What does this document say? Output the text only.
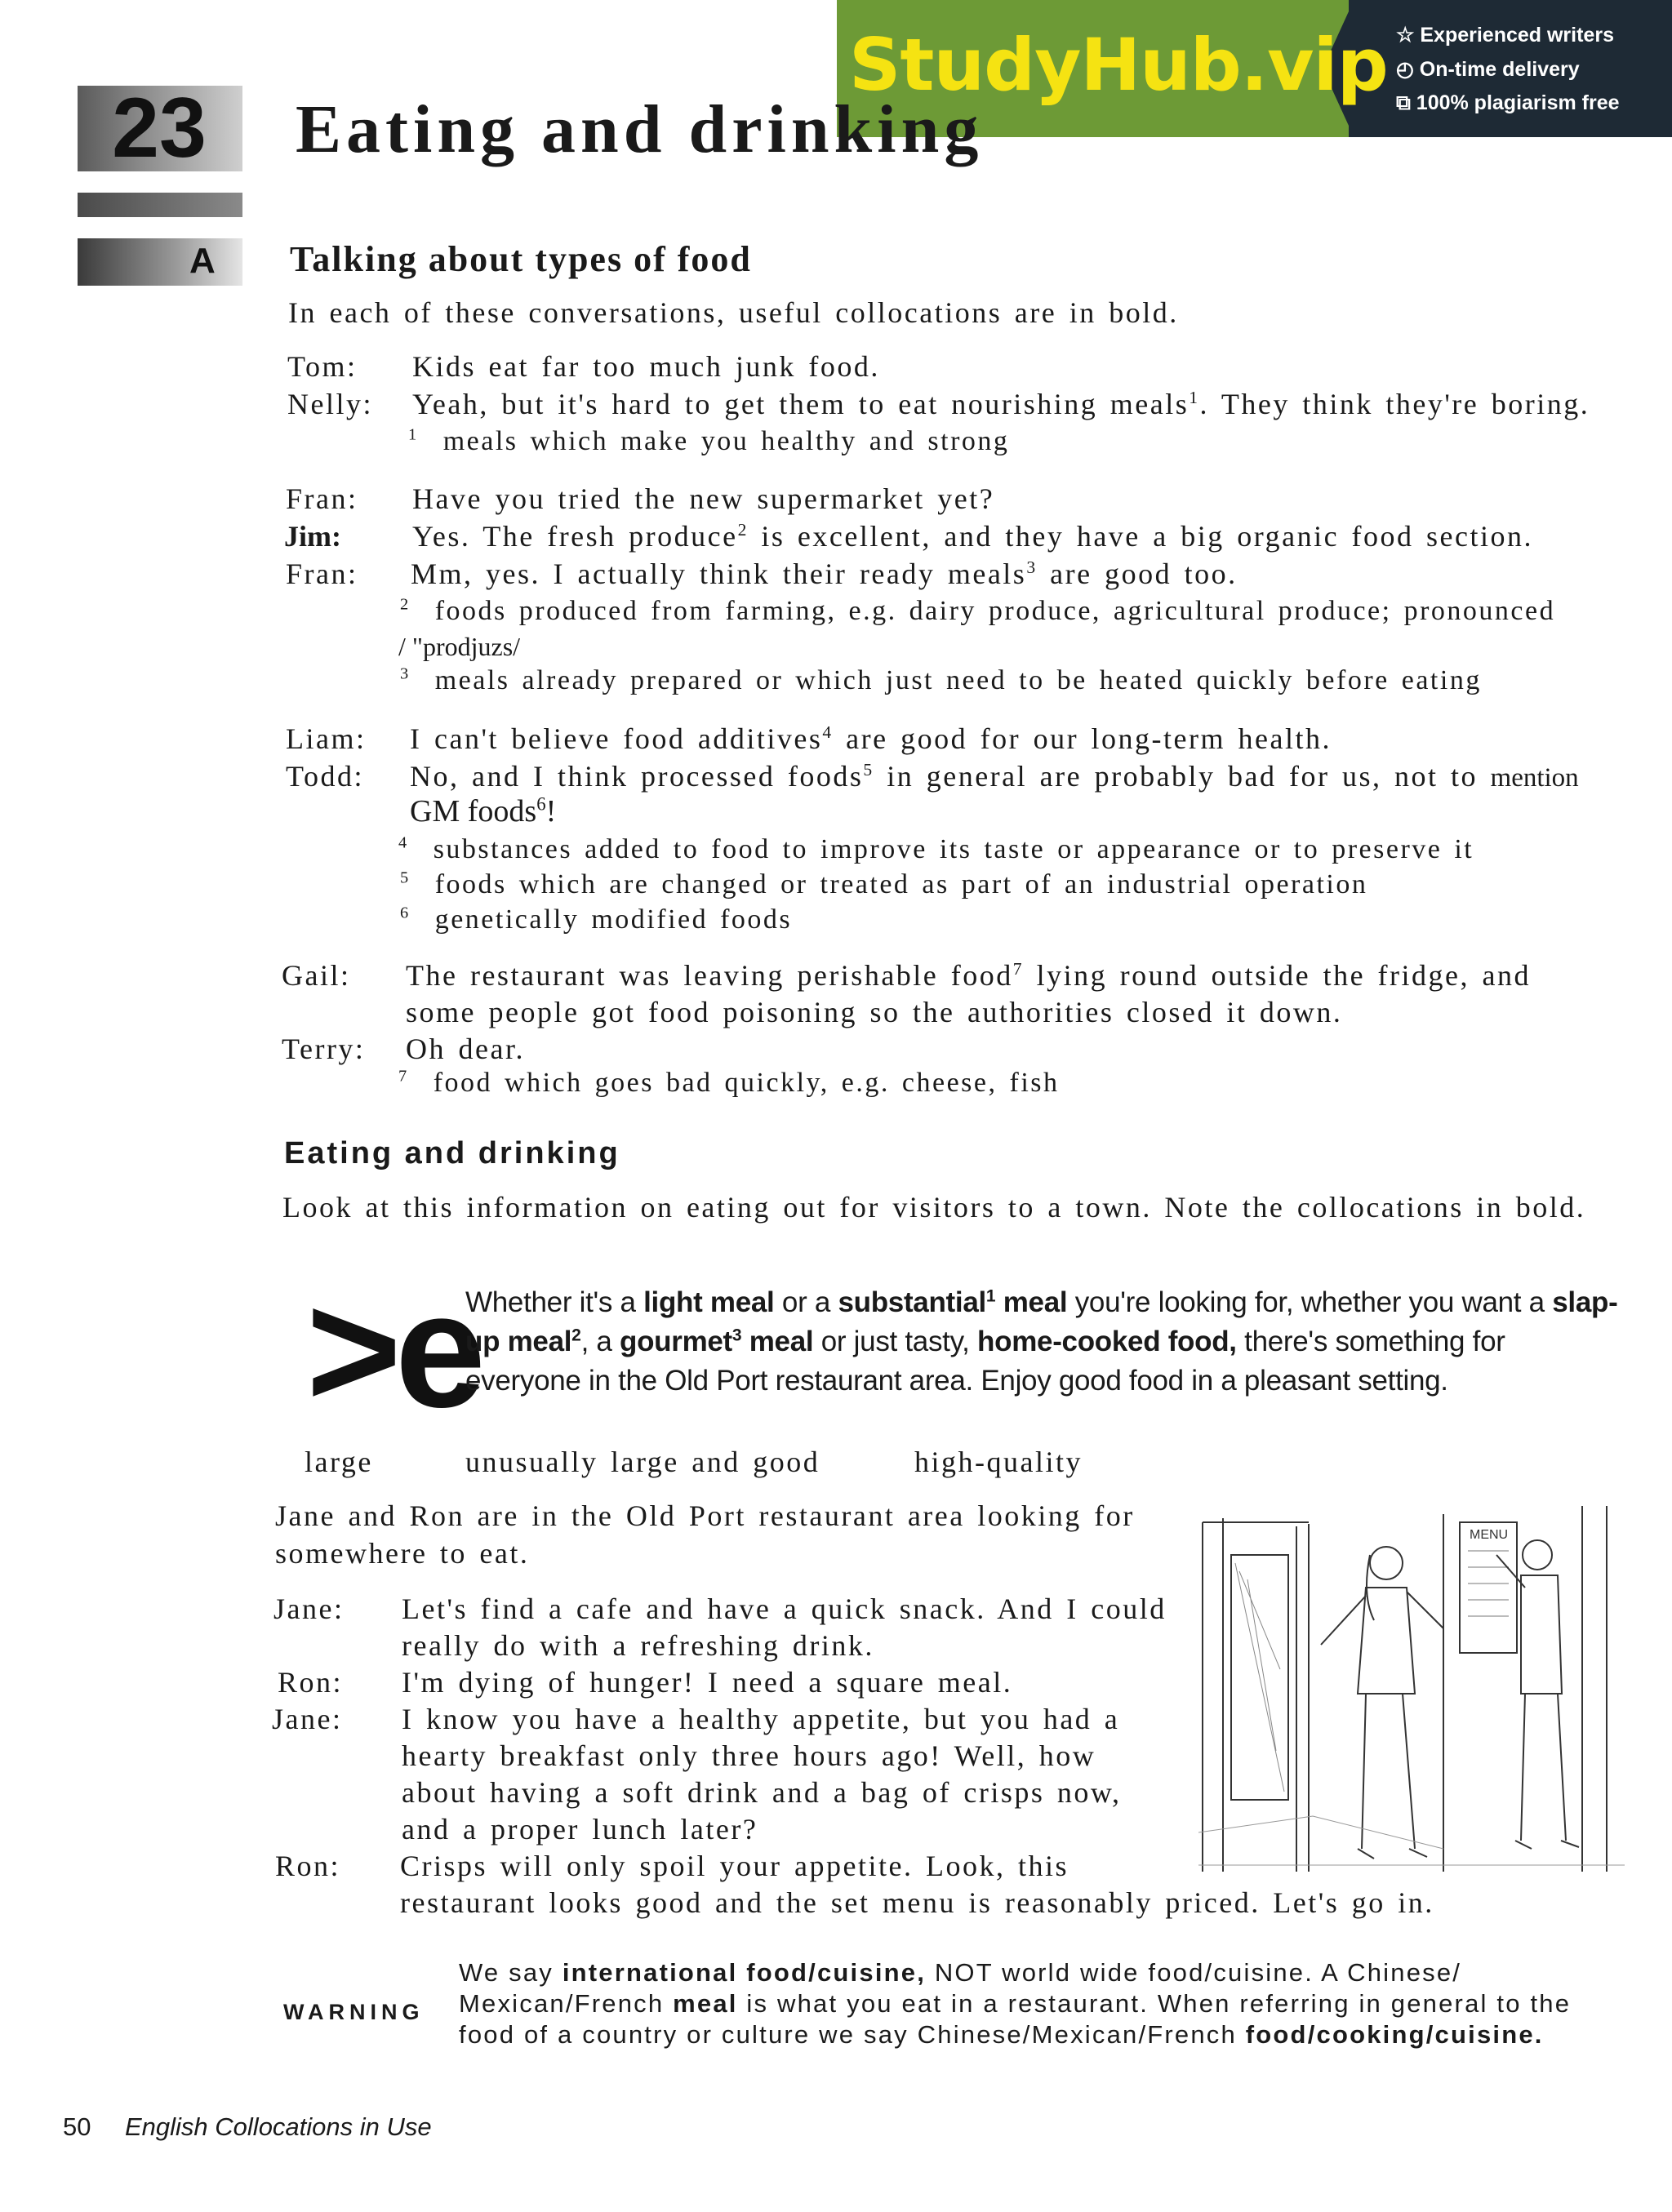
StudyHub.vip ☆ Experienced writers
◴ On-time delivery
⧉ 100% plagiarism free
23
A
Eating and drinking
Talking about types of food
In each of these conversations, useful collocations are in bold.
Tom: Kids eat far too much junk food.
Nelly: Yeah, but it's hard to get them to eat nourishing meals$^1$. They think they're boring.
$^1$ meals which make you healthy and strong
Fran: Have you tried the new supermarket yet?
Jim: Yes. The fresh produce$^2$ is excellent, and they have a big organic food section.
Fran: Mm, yes. I actually think their ready meals$^3$ are good too.
$^2$ foods produced from farming, e.g. dairy produce, agricultural produce; pronounced
/ "prodjuzs/
$^3$ meals already prepared or which just need to be heated quickly before eating
Liam: I can't believe food additives$^4$ are good for our long-term health.
Todd: No, and I think processed foods$^5$ in general are probably bad for us, not to mention
GM foods$^6$!
$^4$ substances added to food to improve its taste or appearance or to preserve it
$^5$ foods which are changed or treated as part of an industrial operation
$^6$ genetically modified foods
Gail: The restaurant was leaving perishable food$^7$ lying round outside the fridge, and
some people got food poisoning so the authorities closed it down.
Terry: Oh dear.
$^7$ food which goes bad quickly, e.g. cheese, fish
Eating and drinking
Look at this information on eating out for visitors to a town. Note the collocations in bold.
>e
Whether it's a light meal or a substantial$^1$ meal you're looking for, whether you want a slap-up meal$^2$, a gourmet$^3$ meal or just tasty, home-cooked food, there's something for everyone in the Old Port restaurant area. Enjoy good food in a pleasant setting.
large	unusually large and good	high-quality
Jane and Ron are in the Old Port restaurant area looking for
somewhere to eat.
Jane: Let's find a cafe and have a quick snack. And I could
really do with a refreshing drink.
Ron: I'm dying of hunger! I need a square meal.
Jane: I know you have a healthy appetite, but you had a
hearty breakfast only three hours ago! Well, how
about having a soft drink and a bag of crisps now,
and a proper lunch later?
Ron: Crisps will only spoil your appetite. Look, this
restaurant looks good and the set menu is reasonably priced. Let's go in.
MENU
WARNING
We say international food/cuisine, NOT world wide food/cuisine. A Chinese/
Mexican/French meal is what you eat in a restaurant. When referring in general to the
food of a country or culture we say Chinese/Mexican/French food/cooking/cuisine.
50 English Collocations in Use
